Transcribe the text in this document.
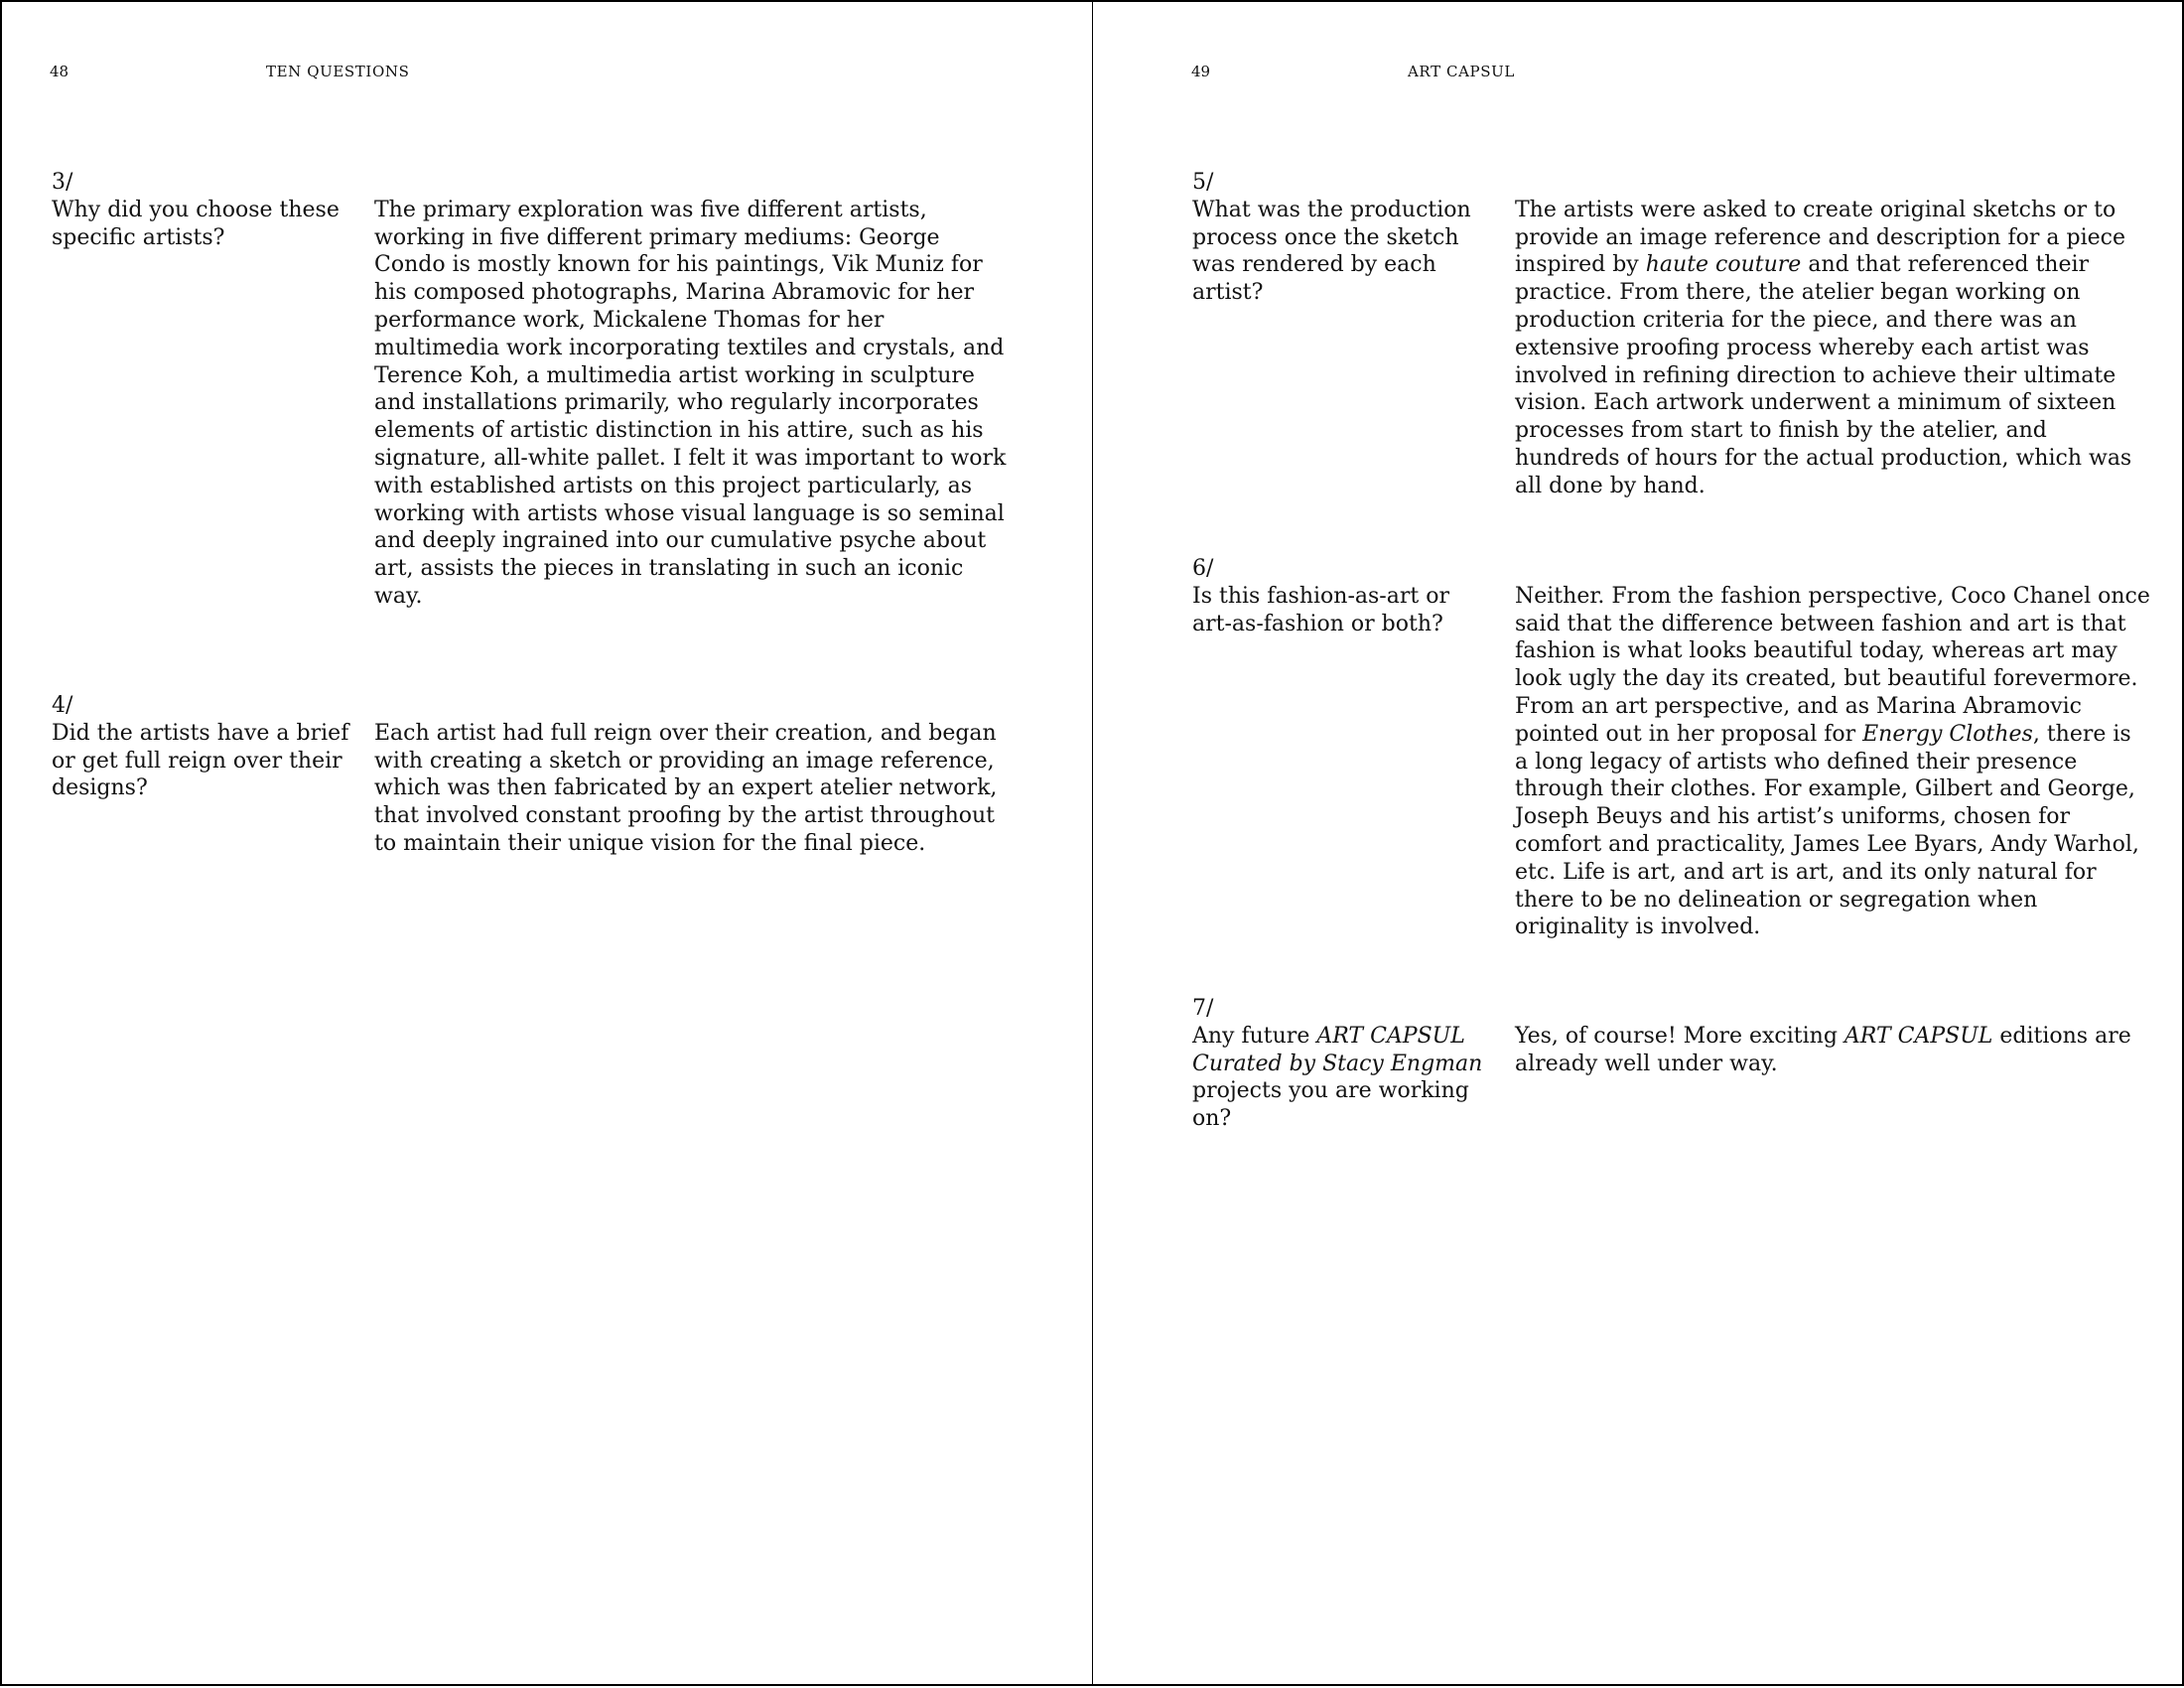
48	TEN QUESTIONS
3/
Why did you choose these specific artists?
The primary exploration was five different artists, working in five different primary mediums: George Condo is mostly known for his paintings, Vik Muniz for his composed photographs, Marina Abramovic for her performance work, Mickalene Thomas for her multimedia work incorporating textiles and crystals, and Terence Koh, a multimedia artist working in sculpture and installations primarily, who regularly incorporates elements of artistic distinction in his attire, such as his signature, all-white pallet. I felt it was important to work with established artists on this project particularly, as working with artists whose visual language is so seminal and deeply ingrained into our cumulative psyche about art, assists the pieces in translating in such an iconic way.
4/
Did the artists have a brief or get full reign over their designs?
Each artist had full reign over their creation, and began with creating a sketch or providing an image reference, which was then fabricated by an expert atelier network, that involved constant proofing by the artist throughout to maintain their unique vision for the final piece.
49	ART CAPSUL
5/
What was the production process once the sketch was rendered by each artist?
The artists were asked to create original sketchs or to provide an image reference and description for a piece inspired by haute couture and that referenced their practice. From there, the atelier began working on production criteria for the piece, and there was an extensive proofing process whereby each artist was involved in refining direction to achieve their ultimate vision. Each artwork underwent a minimum of sixteen processes from start to finish by the atelier, and hundreds of hours for the actual production, which was all done by hand.
6/
Is this fashion-as-art or art-as-fashion or both?
Neither. From the fashion perspective, Coco Chanel once said that the difference between fashion and art is that fashion is what looks beautiful today, whereas art may look ugly the day its created, but beautiful forevermore. From an art perspective, and as Marina Abramovic pointed out in her proposal for Energy Clothes, there is a long legacy of artists who defined their presence through their clothes. For example, Gilbert and George, Joseph Beuys and his artist’s uniforms, chosen for comfort and practicality, James Lee Byars, Andy Warhol, etc. Life is art, and art is art, and its only natural for there to be no delineation or segregation when originality is involved.
7/
Any future ART CAPSUL Curated by Stacy Engman projects you are working on?
Yes, of course! More exciting ART CAPSUL editions are already well under way.
